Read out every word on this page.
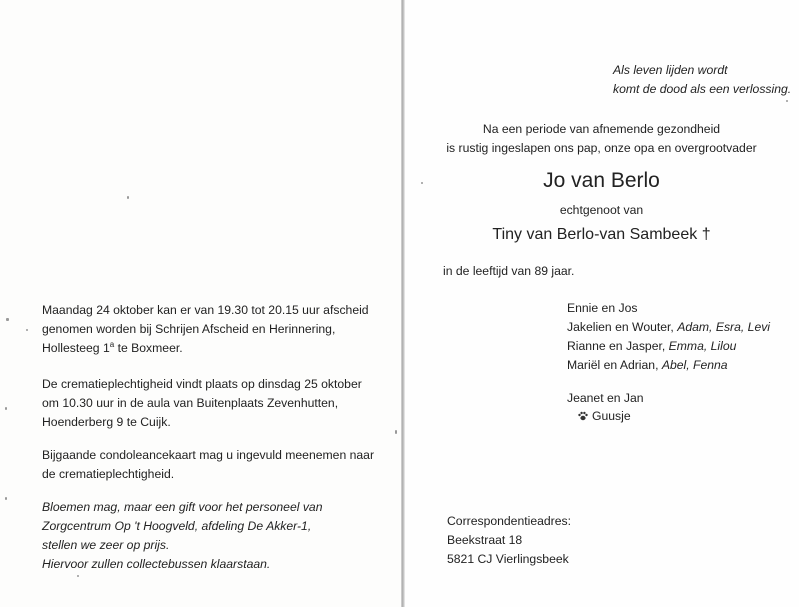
Maandag 24 oktober kan er van 19.30 tot 20.15 uur afscheid

genomen worden bij Schrijen Afscheid en Herinnering,

Hollesteeg 1$^a$ te Boxmeer.

De crematieplechtigheid vindt plaats op dinsdag 25 oktober

om 10.30 uur in de aula van Buitenplaats Zevenhutten,

Hoenderberg 9 te Cuijk.

Bijgaande condoleancekaart mag u ingevuld meenemen naar

de crematieplechtigheid.

Bloemen mag, maar een gift voor het personeel van

Zorgcentrum Op 't Hoogveld, afdeling De Akker-1,

stellen we zeer op prijs.

Hiervoor zullen collectebussen klaarstaan.

Als leven lijden wordt

komt de dood als een verlossing.

Na een periode van afnemende gezondheid

is rustig ingeslapen ons pap, onze opa en overgrootvader

Jo van Berlo

echtgenoot van

Tiny van Berlo-van Sambeek †

in de leeftijd van 89 jaar.

Ennie en Jos

Jakelien en Wouter, Adam, Esra, Levi

Rianne en Jasper, Emma, Lilou

Mariël en Adrian, Abel, Fenna

Jeanet en Jan

Guusje

Correspondentieadres:

Beekstraat 18

5821 CJ Vierlingsbeek
